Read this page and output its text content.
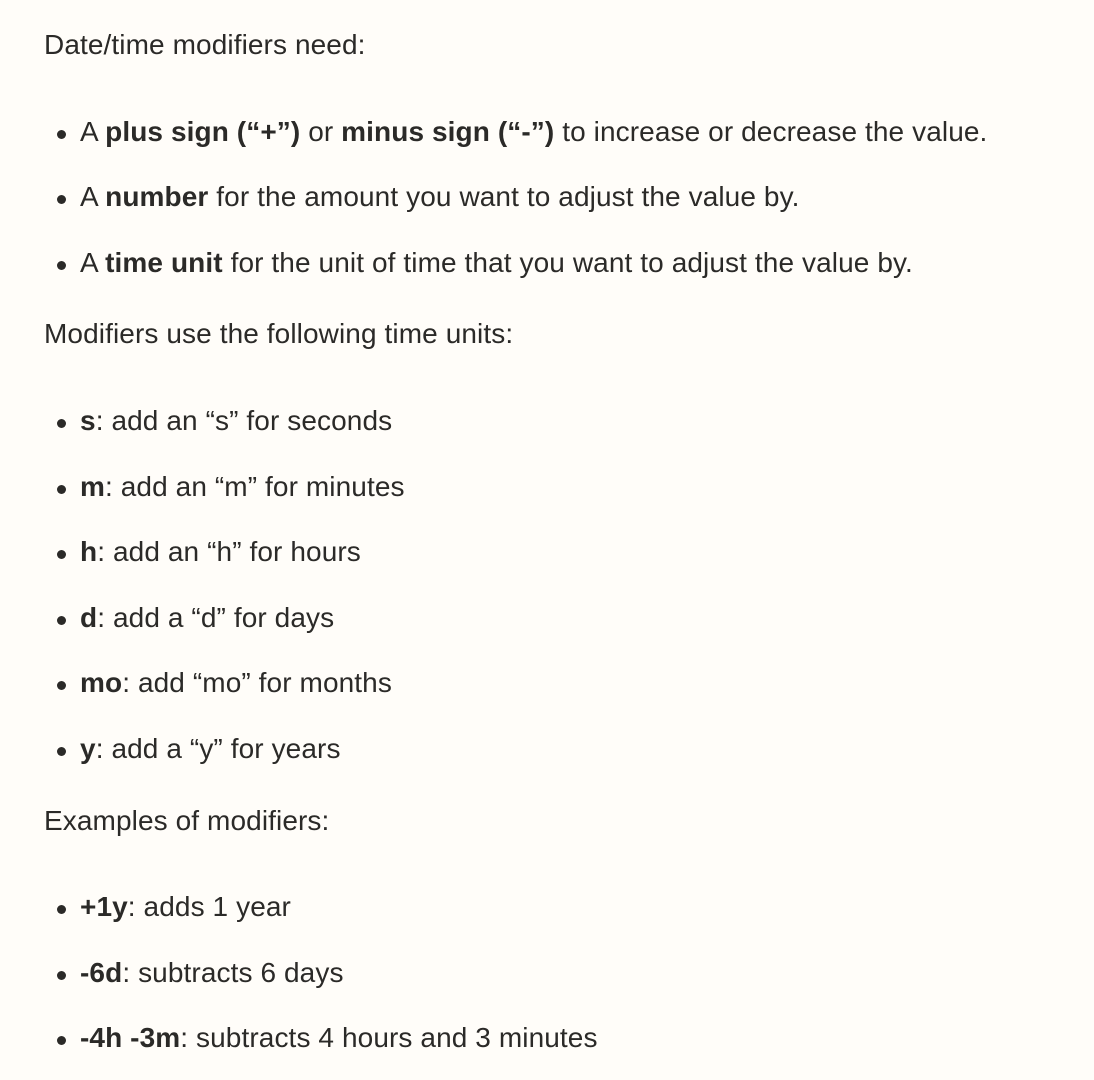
Date/time modifiers need:

A plus sign (“+”) or minus sign (“-”) to increase or decrease the value.
A number for the amount you want to adjust the value by.
A time unit for the unit of time that you want to adjust the value by.

Modifiers use the following time units:

s: add an “s” for seconds
m: add an “m” for minutes
h: add an “h” for hours
d: add a “d” for days
mo: add “mo” for months
y: add a “y” for years

Examples of modifiers:

+1y: adds 1 year
-6d: subtracts 6 days
-4h -3m: subtracts 4 hours and 3 minutes
